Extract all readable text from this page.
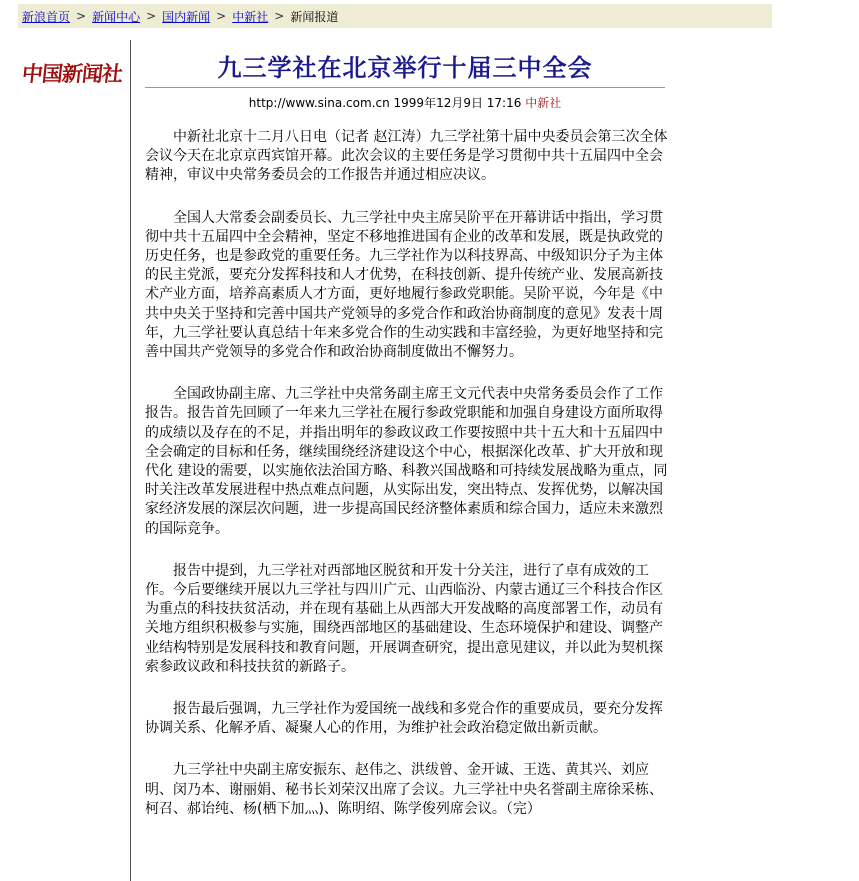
新浪首页 > 新闻中心 > 国内新闻 > 中新社 > 新闻报道
中国新闻社	九三学社在北京举行十届三中全会
http://www.sina.com.cn 1999年12月9日 17:16 中新社

中新社北京十二月八日电（记者 赵江涛）九三学社第十届中央委员会第三次全体会议今天在北京京西宾馆开幕。此次会议的主要任务是学习贯彻中共十五届四中全会精神，审议中央常务委员会的工作报告并通过相应决议。

全国人大常委会副委员长、九三学社中央主席吴阶平在开幕讲话中指出，学习贯彻中共十五届四中全会精神，坚定不移地推进国有企业的改革和发展，既是执政党的历史任务，也是参政党的重要任务。九三学社作为以科技界高、中级知识分子为主体的民主党派，要充分发挥科技和人才优势，在科技创新、提升传统产业、发展高新技术产业方面，培养高素质人才方面，更好地履行参政党职能。吴阶平说，今年是《中共中央关于坚持和完善中国共产党领导的多党合作和政治协商制度的意见》发表十周年，九三学社要认真总结十年来多党合作的生动实践和丰富经验，为更好地坚持和完善中国共产党领导的多党合作和政治协商制度做出不懈努力。

全国政协副主席、九三学社中央常务副主席王文元代表中央常务委员会作了工作报告。报告首先回顾了一年来九三学社在履行参政党职能和加强自身建设方面所取得的成绩以及存在的不足，并指出明年的参政议政工作要按照中共十五大和十五届四中全会确定的目标和任务，继续围绕经济建设这个中心，根据深化改革、扩大开放和现代化 建设的需要，以实施依法治国方略、科教兴国战略和可持续发展战略为重点，同时关注改革发展进程中热点难点问题，从实际出发，突出特点、发挥优势，以解决国家经济发展的深层次问题，进一步提高国民经济整体素质和综合国力，适应未来激烈的国际竞争。

报告中提到，九三学社对西部地区脱贫和开发十分关注，进行了卓有成效的工作。今后要继续开展以九三学社与四川广元、山西临汾、内蒙古通辽三个科技合作区为重点的科技扶贫活动，并在现有基础上从西部大开发战略的高度部署工作，动员有关地方组织积极参与实施，围绕西部地区的基础建设、生态环境保护和建设、调整产业结构特别是发展科技和教育问题，开展调查研究，提出意见建议，并以此为契机探索参政议政和科技扶贫的新路子。

报告最后强调，九三学社作为爱国统一战线和多党合作的重要成员，要充分发挥协调关系、化解矛盾、凝聚人心的作用，为维护社会政治稳定做出新贡献。

九三学社中央副主席安振东、赵伟之、洪绂曾、金开诚、王选、黄其兴、刘应明、闵乃本、谢丽娟、秘书长刘荣汉出席了会议。九三学社中央名誉副主席徐采栋、柯召、郝诒纯、杨(栖下加灬)、陈明绍、陈学俊列席会议。（完）
